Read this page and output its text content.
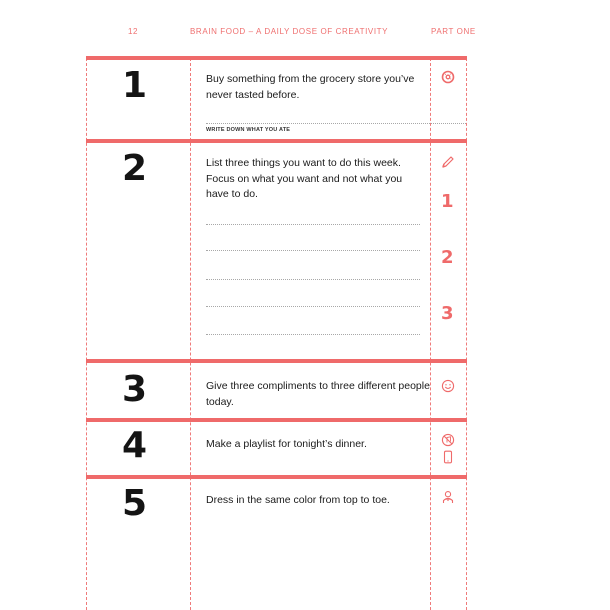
12	BRAIN FOOD – A DAILY DOSE OF CREATIVITY	PART ONE
1	Buy something from the grocery store you’ve never tasted before.
WRITE DOWN WHAT YOU ATE
2	List three things you want to do this week. Focus on what you want and not what you have to do.	1
2
3
3	Give three compliments to three different people today.
4	Make a playlist for tonight’s dinner.
5	Dress in the same color from top to toe.
